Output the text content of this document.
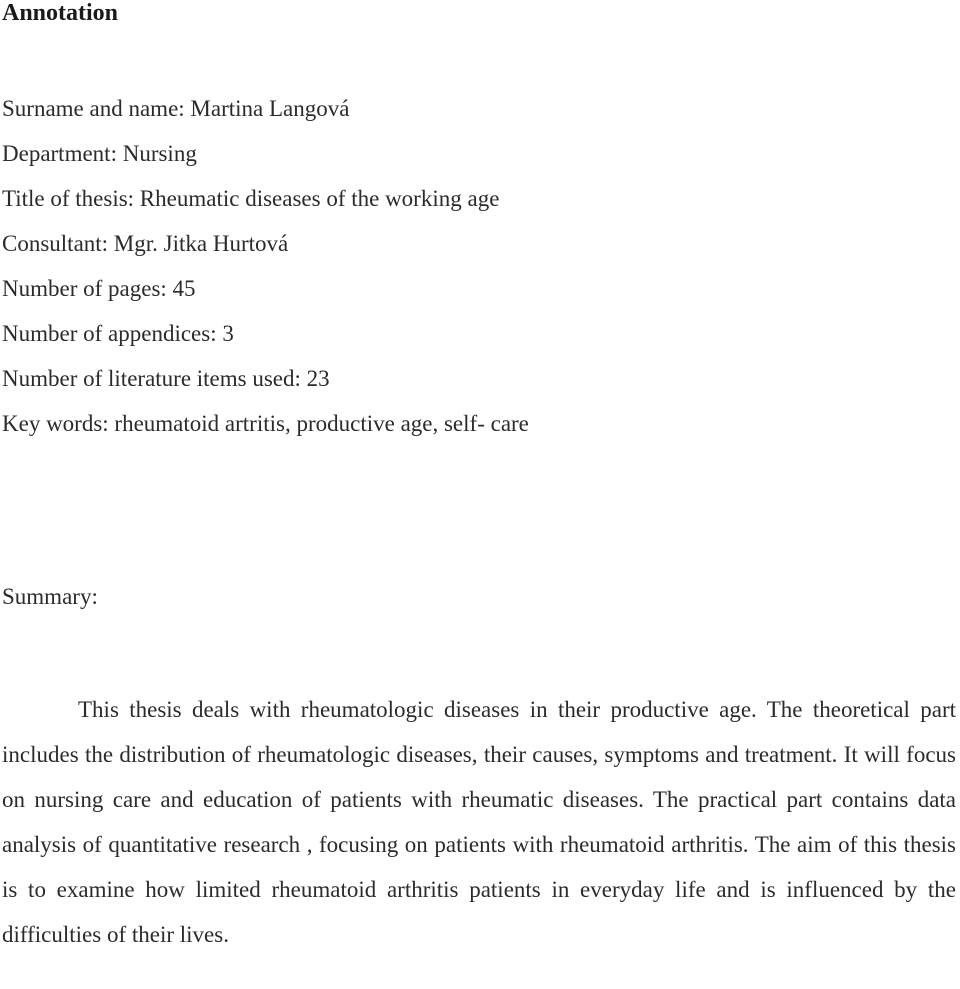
Annotation
Surname and name: Martina Langová
Department: Nursing
Title of thesis: Rheumatic diseases of the working age
Consultant: Mgr. Jitka Hurtová
Number of pages: 45
Number of appendices: 3
Number of literature items used: 23
Key words: rheumatoid artritis, productive age, self- care

Summary:

This thesis deals with rheumatologic diseases in their productive age. The theoretical part includes the distribution of rheumatologic diseases, their causes, symptoms and treatment. It will focus on nursing care and education of patients with rheumatic diseases. The practical part contains data analysis of quantitative research , focusing on patients with rheumatoid arthritis. The aim of this thesis is to examine how limited rheumatoid arthritis patients in everyday life and is influenced by the difficulties of their lives.
